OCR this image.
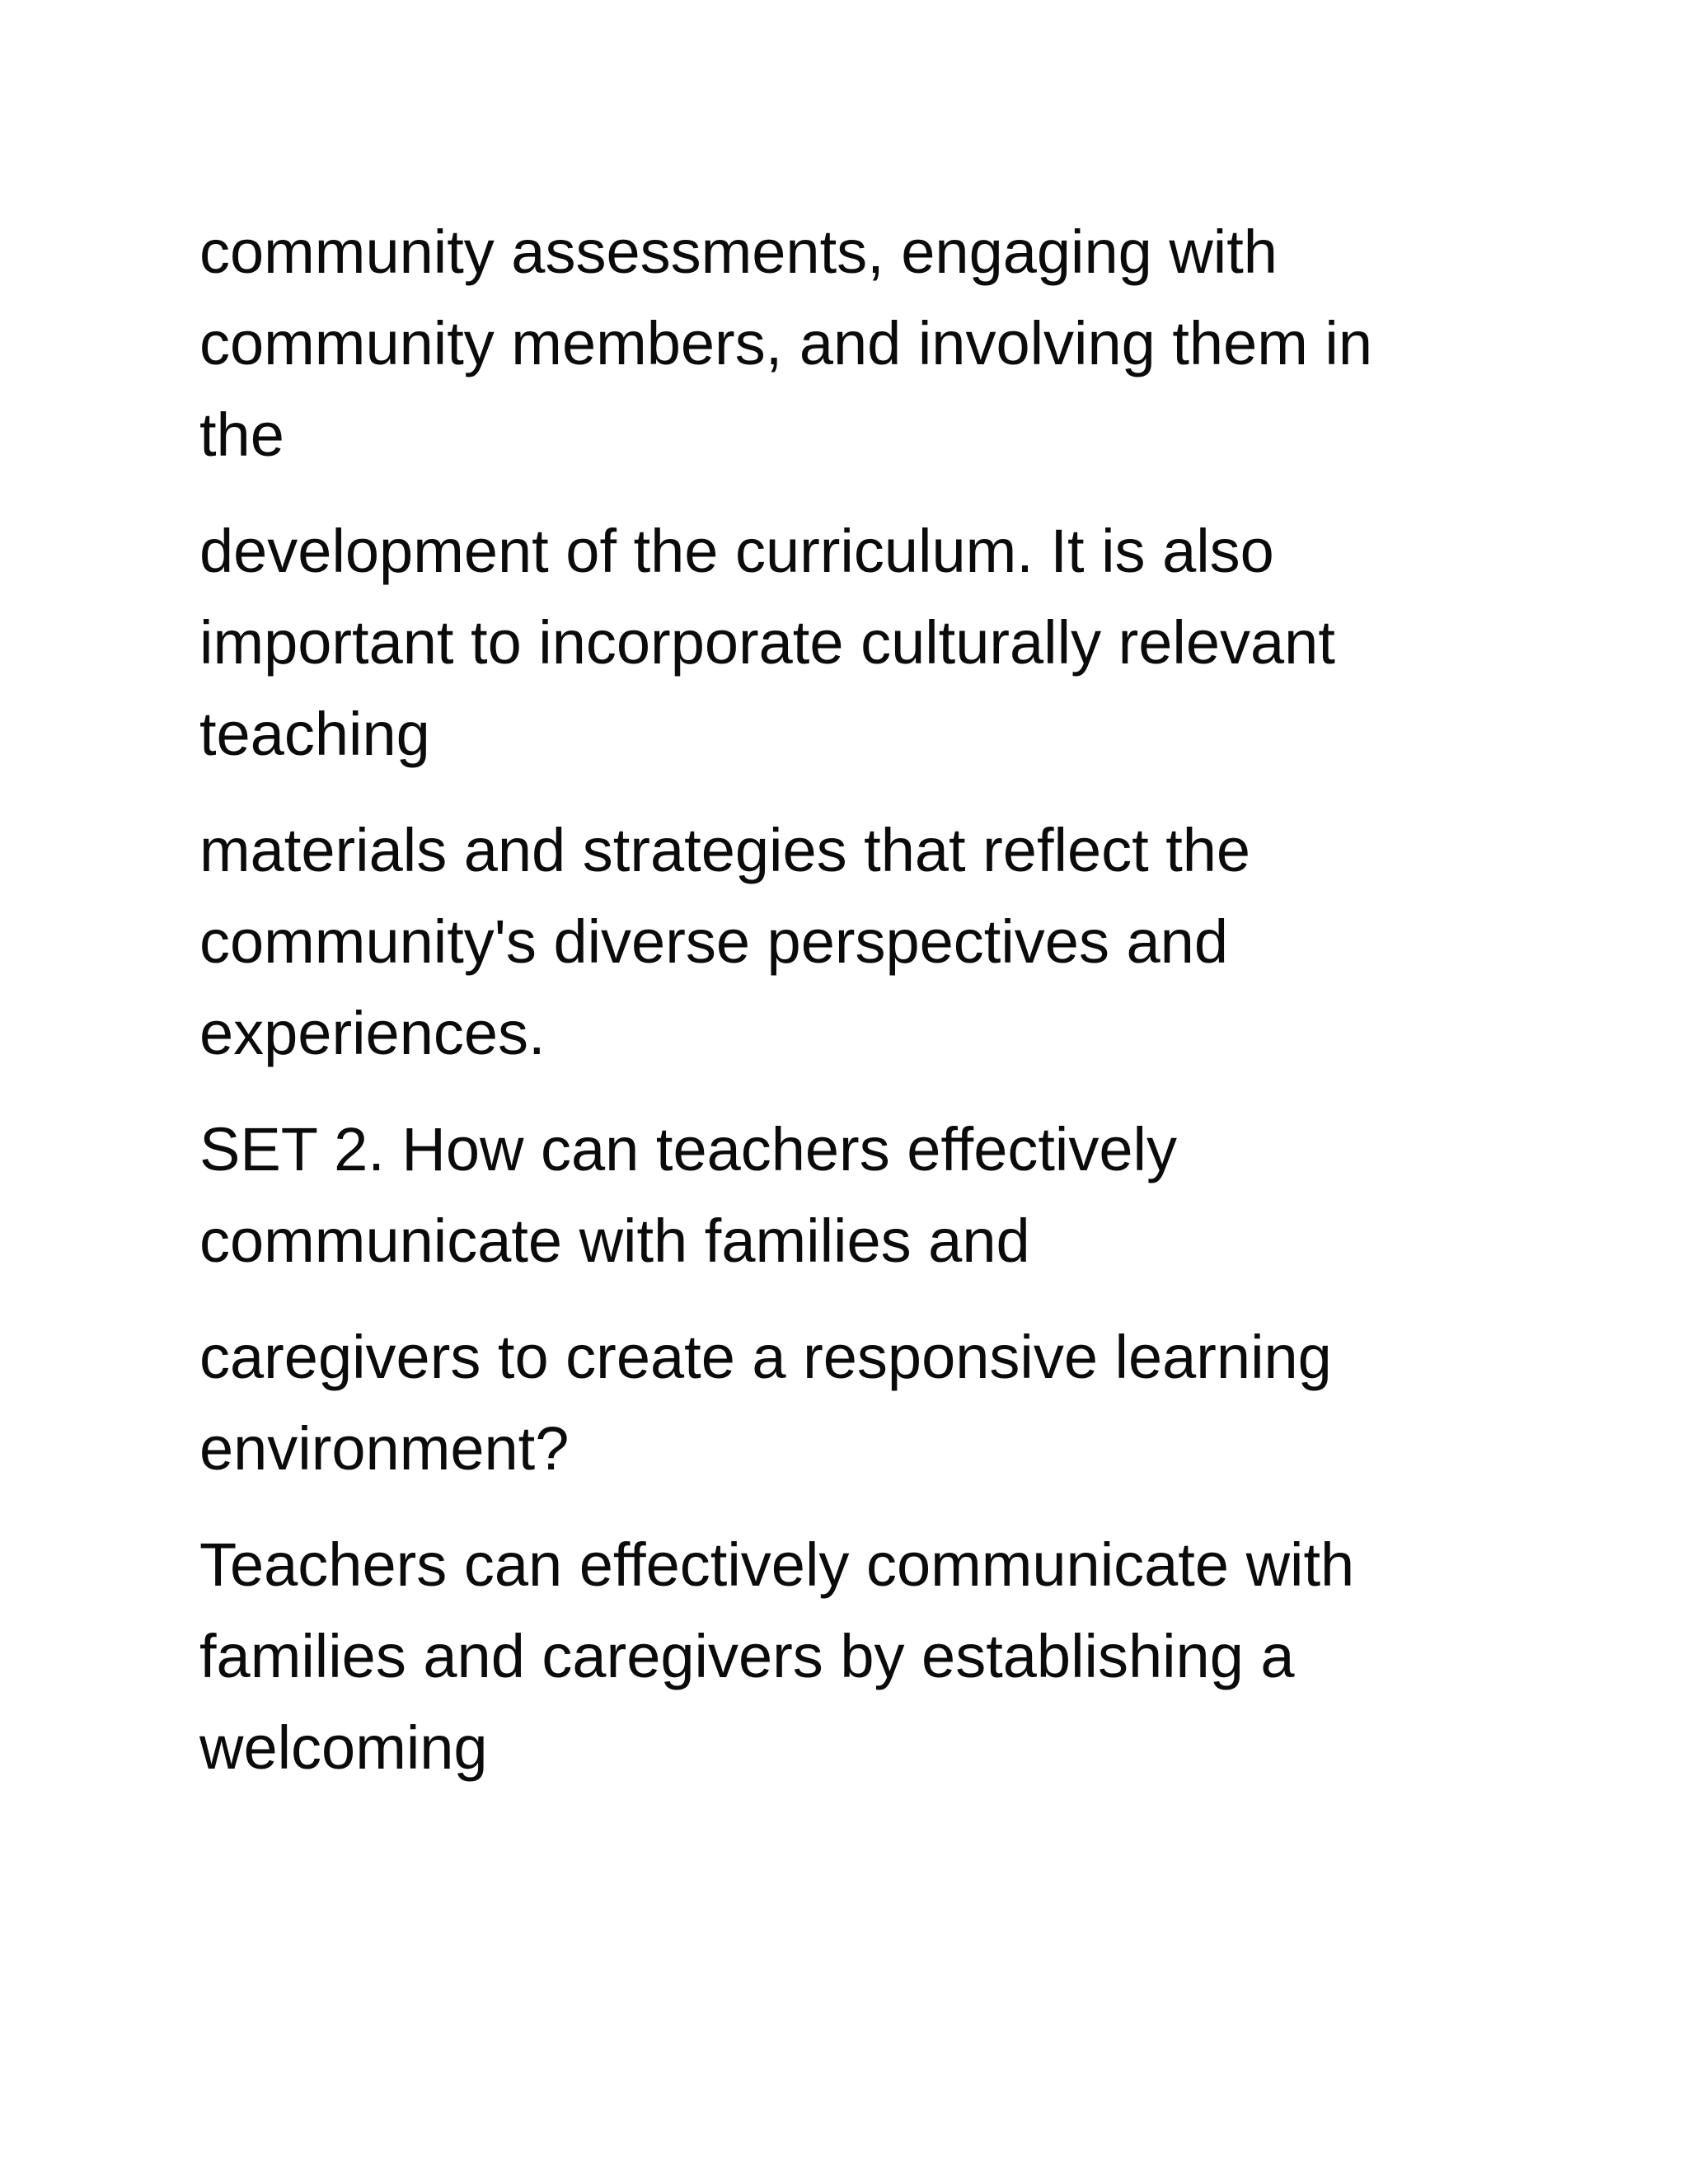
community assessments, engaging with
community members, and involving them in
the

development of the curriculum. It is also
important to incorporate culturally relevant
teaching

materials and strategies that reflect the
community's diverse perspectives and
experiences.

SET 2. How can teachers effectively
communicate with families and

caregivers to create a responsive learning
environment?

Teachers can effectively communicate with
families and caregivers by establishing a
welcoming
